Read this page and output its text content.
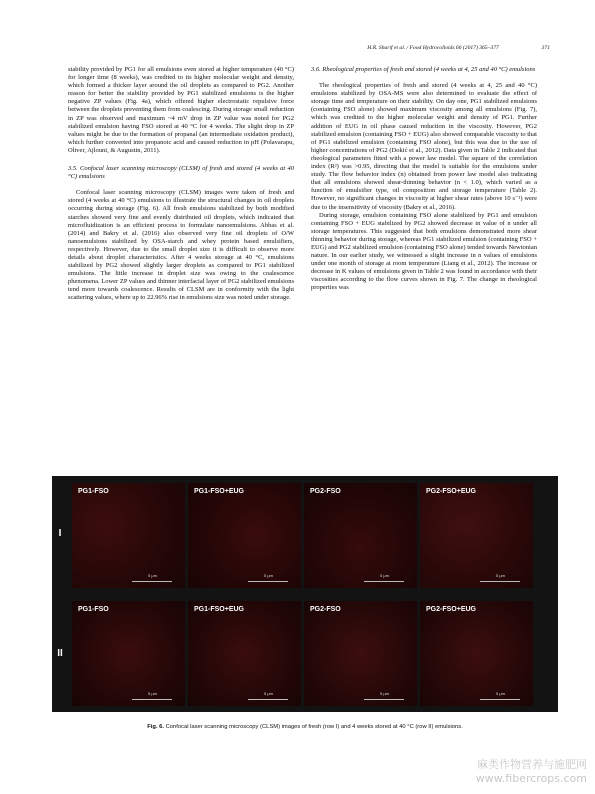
H.R. Sharif et al. / Food Hydrocolloids 66 (2017) 365–377	371

stability provided by PG1 for all emulsions even stored at higher temperature (40 °C) for longer time (8 weeks), was credited to its higher molecular weight and density, which formed a thicker layer around the oil droplets as compared to PG2. Another reason for better the stability provided by PG1 stabilized emulsions is the higher negative ZP values (Fig. 4a), which offered higher electrostatic repulsive force between the droplets preventing them from coalescing. During storage small reduction in ZP was observed and maximum ~4 mV drop in ZP value was noted for PG2 stabilized emulsion having FSO stored at 40 °C for 4 weeks. The slight drop in ZP values might be due to the formation of propanal (an intermediate oxidation product), which further converted into propanoic acid and caused reduction in pH (Polavarapu, Oliver, Ajlouni, & Augustin, 2011).

3.5. Confocal laser scanning microscopy (CLSM) of fresh and stored (4 weeks at 40 °C) emulsions

Confocal laser scanning microscopy (CLSM) images were taken of fresh and stored (4 weeks at 40 °C) emulsions to illustrate the structural changes in oil droplets occurring during storage (Fig. 6). All fresh emulsions stabilized by both modified starches showed very fine and evenly distributed oil droplets, which indicated that microfluidization is an efficient process to formulate nanoemulsions. Abbas et al. (2014) and Bakry et al. (2016) also observed very fine oil droplets of O/W nanoemulsions stabilized by OSA-starch and whey protein based emulsifiers, respectively. However, due to the small droplet size it is difficult to observe more details about droplet characteristics. After 4 weeks storage at 40 °C, emulsions stabilized by PG2 showed slightly larger droplets as compared to PG1 stabilized emulsions. The little increase in droplet size was owing to the coalescence phenomena. Lower ZP values and thinner interfacial layer of PG2 stabilized emulsions tend more towards coalescence. Results of CLSM are in conformity with the light scattering values, where up to 22.96% rise in emulsions size was noted under storage.

3.6. Rheological properties of fresh and stored (4 weeks at 4, 25 and 40 °C) emulsions

The rheological properties of fresh and stored (4 weeks at 4, 25 and 40 °C) emulsions stabilized by OSA-MS were also determined to evaluate the effect of storage time and temperature on their stability. On day one, PG1 stabilized emulsions (containing FSO alone) showed maximum viscosity among all emulsions (Fig. 7), which was credited to the higher molecular weight and density of PG1. Further addition of EUG in oil phase caused reduction in the viscosity. However, PG2 stabilized emulsion (containing FSO + EUG) also showed comparable viscosity to that of PG1 stabilized emulsion (containing FSO alone), but this was due to the use of higher concentrations of PG2 (Dokić et al., 2012). Data given in Table 2 indicated that rheological parameters fitted with a power law model. The square of the correlation index (R²) was >0.95, directing that the model is suitable for the emulsions under study. The flow behavior index (n) obtained from power law model also indicating that all emulsions showed shear-thinning behavior (n < 1.0), which varied as a function of emulsifier type, oil composition and storage temperature (Table 2). However, no significant changes in viscosity at higher shear rates (above 10 s⁻¹) were due to the insensitivity of viscosity (Bakry et al., 2016).

During storage, emulsion containing FSO alone stabilized by PG1 and emulsion containing FSO + EUG stabilized by PG2 showed decrease in value of n under all storage temperatures. This suggested that both emulsions demonstrated more shear thinning behavior during storage, whereas PG1 stabilized emulsion (containing FSO + EUG) and PG2 stabilized emulsion (containing FSO alone) tended towards Newtonian nature. In our earlier study, we witnessed a slight increase in n values of emulsions under one month of storage at room temperature (Liang et al., 2012). The increase or decrease in K values of emulsions given in Table 2 was found in accordance with their viscosities according to the flow curves shown in Fig. 7. The change in rheological properties was

I
II
PG1-FSO
5 μm
PG1-FSO+EUG
5 μm
PG2-FSO
5 μm
PG2-FSO+EUG
5 μm
PG1-FSO
5 μm
PG1-FSO+EUG
5 μm
PG2-FSO
5 μm
PG2-FSO+EUG
5 μm
Fig. 6. Confocal laser scanning microscopy (CLSM) images of fresh (row I) and 4 weeks stored at 40 °C (row II) emulsions.
麻类作物营养与施肥网
www.fibercrops.com
